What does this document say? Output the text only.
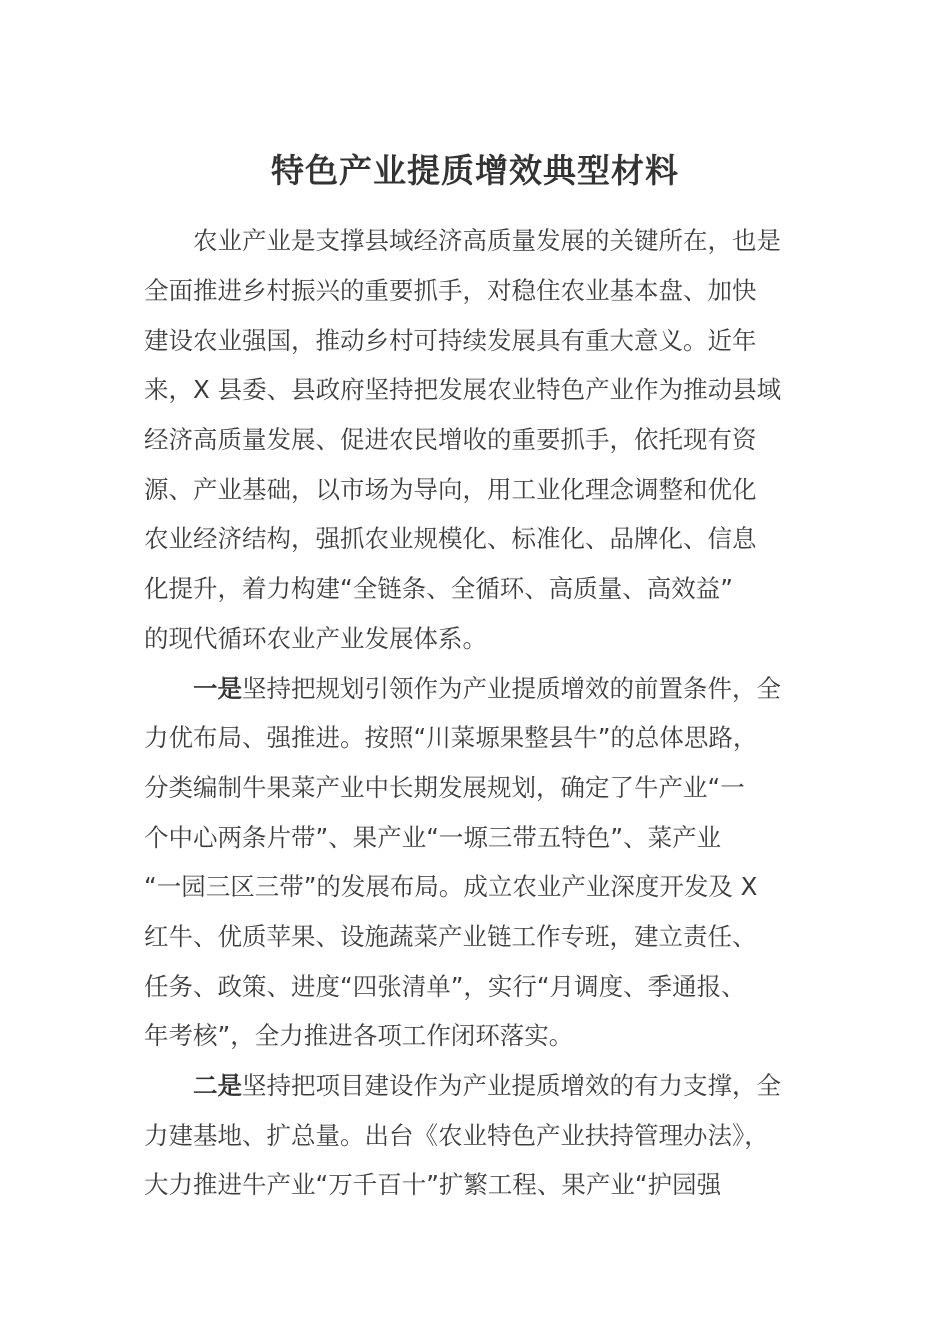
特色产业提质增效典型材料
　　农业产业是支撑县域经济高质量发展的关键所在，也是
全面推进乡村振兴的重要抓手，对稳住农业基本盘、加快
建设农业强国，推动乡村可持续发展具有重大意义。近年
来，X 县委、县政府坚持把发展农业特色产业作为推动县域
经济高质量发展、促进农民增收的重要抓手，依托现有资
源、产业基础，以市场为导向，用工业化理念调整和优化
农业经济结构，强抓农业规模化、标准化、品牌化、信息
化提升，着力构建“全链条、全循环、高质量、高效益”
的现代循环农业产业发展体系。
　　一是坚持把规划引领作为产业提质增效的前置条件，全
力优布局、强推进。按照“川菜塬果整县牛”的总体思路，
分类编制牛果菜产业中长期发展规划，确定了牛产业“一
个中心两条片带”、果产业“一塬三带五特色”、菜产业
“一园三区三带”的发展布局。成立农业产业深度开发及 X
红牛、优质苹果、设施蔬菜产业链工作专班，建立责任、
任务、政策、进度“四张清单”，实行“月调度、季通报、
年考核”，全力推进各项工作闭环落实。
　　二是坚持把项目建设作为产业提质增效的有力支撑，全
力建基地、扩总量。出台《农业特色产业扶持管理办法》，
大力推进牛产业“万千百十”扩繁工程、果产业“护园强
